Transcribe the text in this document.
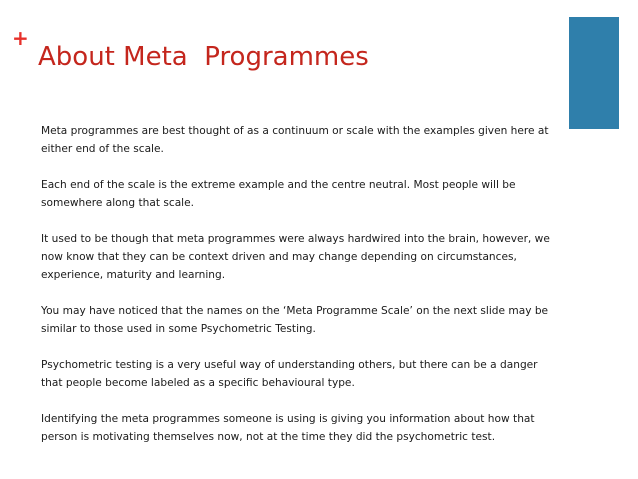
+
About Meta  Programmes

Meta programmes are best thought of as a continuum or scale with the examples given here at either end of the scale.

Each end of the scale is the extreme example and the centre neutral. Most people will be somewhere along that scale.

It used to be though that meta programmes were always hardwired into the brain, however, we now know that they can be context driven and may change depending on circumstances, experience, maturity and learning.

You may have noticed that the names on the ‘Meta Programme Scale’ on the next slide may be similar to those used in some Psychometric Testing.

Psychometric testing is a very useful way of understanding others, but there can be a danger that people become labeled as a specific behavioural type.

Identifying the meta programmes someone is using is giving you information about how that person is motivating themselves now, not at the time they did the psychometric test.
